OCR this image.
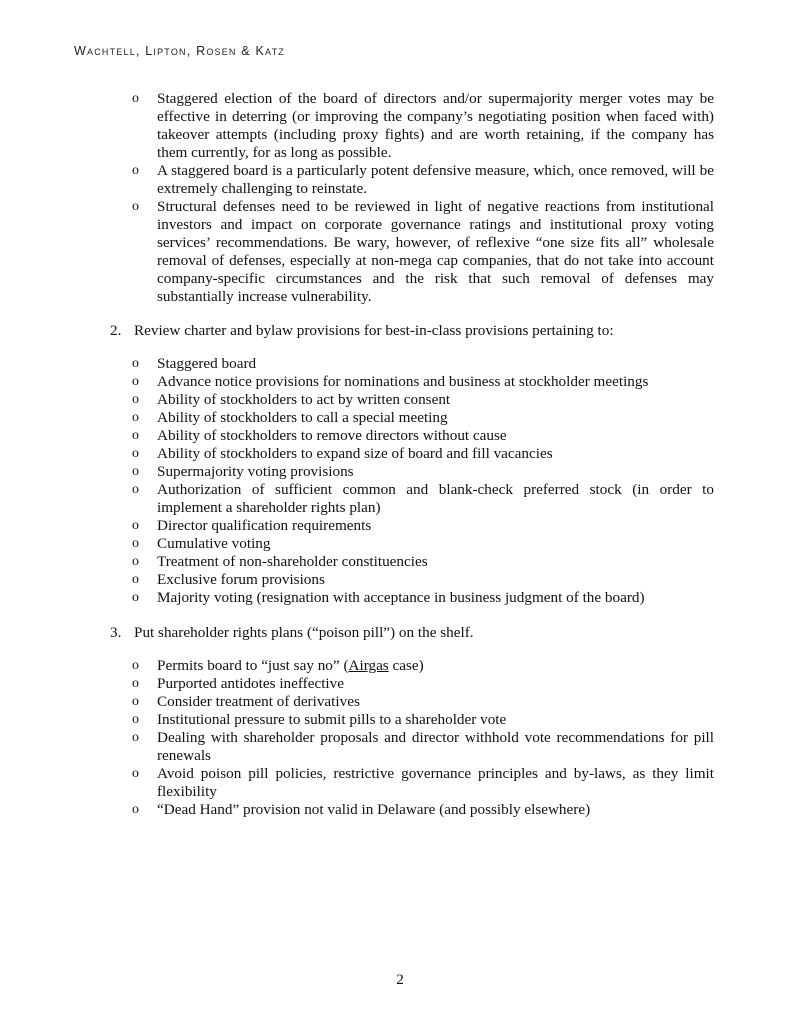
Wachtell, Lipton, Rosen & Katz
o Staggered election of the board of directors and/or supermajority merger votes may be effective in deterring (or improving the company’s negotiating position when faced with) takeover attempts (including proxy fights) and are worth retaining, if the company has them currently, for as long as possible.
o A staggered board is a particularly potent defensive measure, which, once removed, will be extremely challenging to reinstate.
o Structural defenses need to be reviewed in light of negative reactions from institutional investors and impact on corporate governance ratings and institutional proxy voting services’ recommendations. Be wary, however, of reflexive “one size fits all” wholesale removal of defenses, especially at non-mega cap companies, that do not take into account company-specific circumstances and the risk that such removal of defenses may substantially increase vulnerability.
2. Review charter and bylaw provisions for best-in-class provisions pertaining to:
o Staggered board
o Advance notice provisions for nominations and business at stockholder meetings
o Ability of stockholders to act by written consent
o Ability of stockholders to call a special meeting
o Ability of stockholders to remove directors without cause
o Ability of stockholders to expand size of board and fill vacancies
o Supermajority voting provisions
o Authorization of sufficient common and blank-check preferred stock (in order to implement a shareholder rights plan)
o Director qualification requirements
o Cumulative voting
o Treatment of non-shareholder constituencies
o Exclusive forum provisions
o Majority voting (resignation with acceptance in business judgment of the board)
3. Put shareholder rights plans (“poison pill”) on the shelf.
o Permits board to “just say no” (Airgas case)
o Purported antidotes ineffective
o Consider treatment of derivatives
o Institutional pressure to submit pills to a shareholder vote
o Dealing with shareholder proposals and director withhold vote recommendations for pill renewals
o Avoid poison pill policies, restrictive governance principles and by-laws, as they limit flexibility
o “Dead Hand” provision not valid in Delaware (and possibly elsewhere)
2
